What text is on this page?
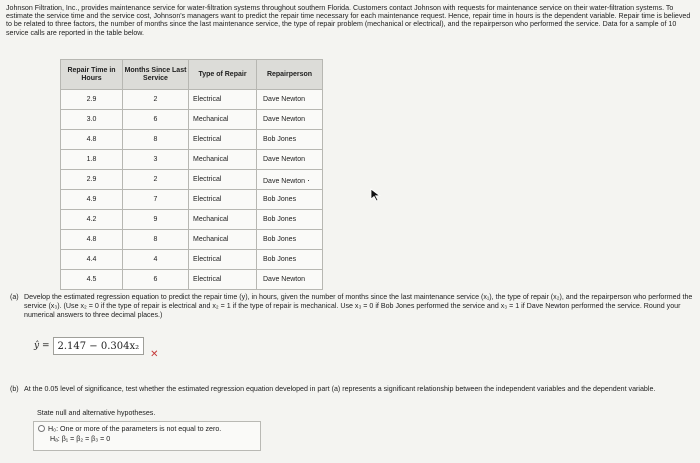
Johnson Filtration, Inc., provides maintenance service for water-filtration systems throughout southern Florida. Customers contact Johnson with requests for maintenance service on their water-filtration systems. To estimate the service time and the service cost, Johnson's managers want to predict the repair time necessary for each maintenance request. Hence, repair time in hours is the dependent variable. Repair time is believed to be related to three factors, the number of months since the last maintenance service, the type of repair problem (mechanical or electrical), and the repairperson who performed the service. Data for a sample of 10 service calls are reported in the table below.
Repair Time in Hours	Months Since Last Service	Type of Repair	Repairperson
2.9	2	Electrical	Dave Newton
3.0	6	Mechanical	Dave Newton
4.8	8	Electrical	Bob Jones
1.8	3	Mechanical	Dave Newton
2.9	2	Electrical	Dave Newton ·
4.9	7	Electrical	Bob Jones
4.2	9	Mechanical	Bob Jones
4.8	8	Mechanical	Bob Jones
4.4	4	Electrical	Bob Jones
4.5	6	Electrical	Dave Newton
(a) Develop the estimated regression equation to predict the repair time (y), in hours, given the number of months since the last maintenance service (x₁), the type of repair (x₂), and the repairperson who performed the service (x₃). (Use x₂ = 0 if the type of repair is electrical and x₂ = 1 if the type of repair is mechanical. Use x₃ = 0 if Bob Jones performed the service and x₃ = 1 if Dave Newton performed the service. Round your numerical answers to three decimal places.)
ŷ = 2.147 − 0.304x₂
✕
(b) At the 0.05 level of significance, test whether the estimated regression equation developed in part (a) represents a significant relationship between the independent variables and the dependent variable.
State null and alternative hypotheses.
H₀: One or more of the parameters is not equal to zero.
Hₐ: β₁ = β₂ = β₃ = 0
